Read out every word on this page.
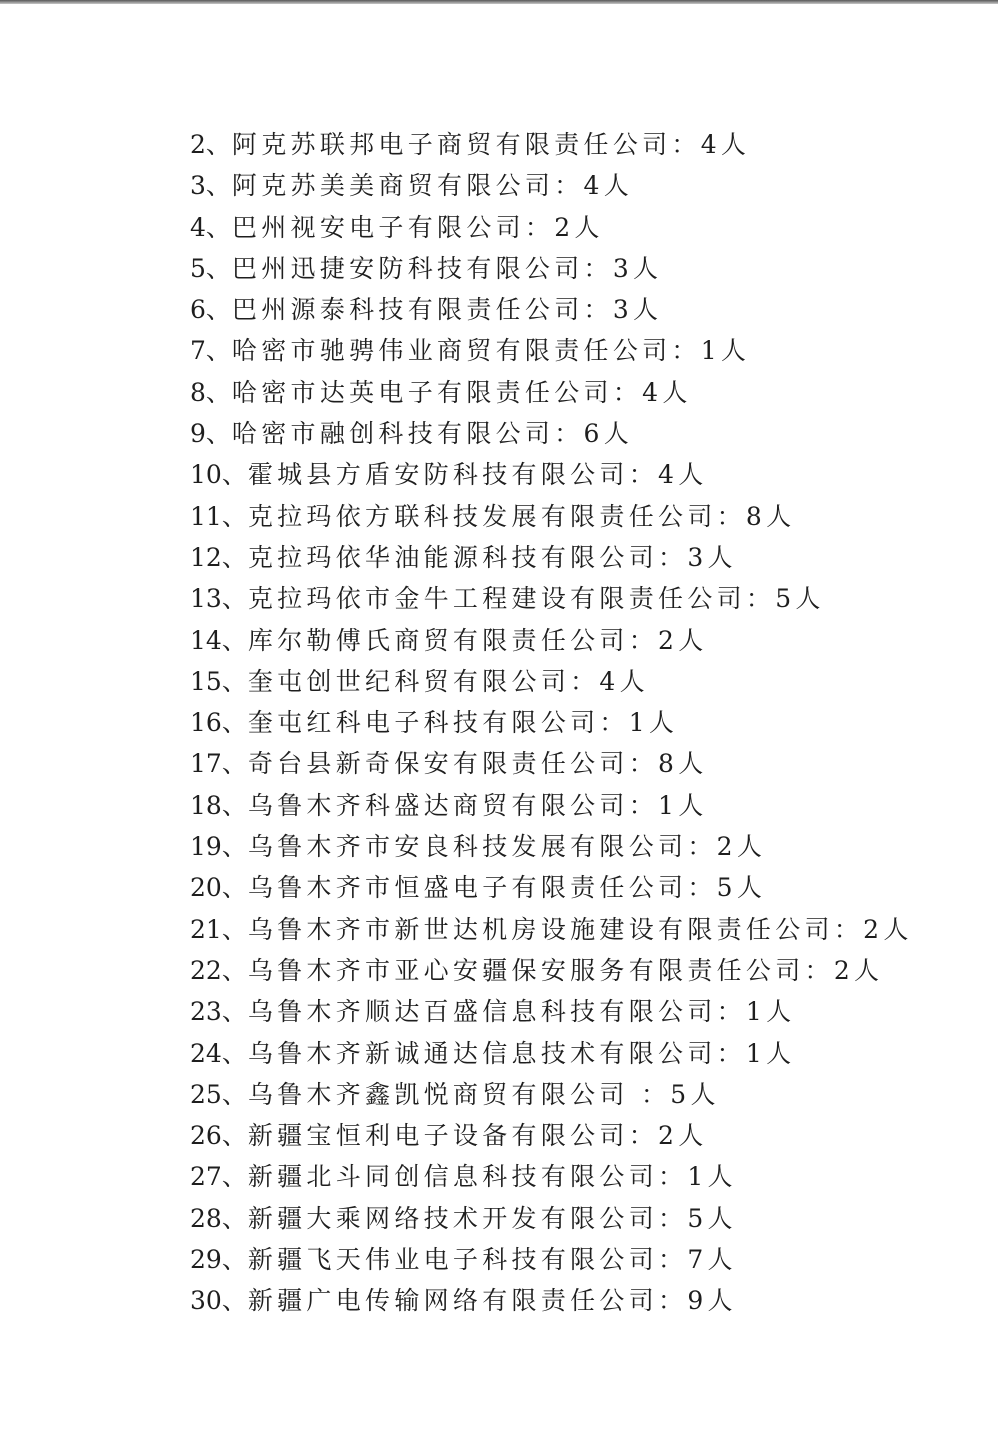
2、阿克苏联邦电子商贸有限责任公司：4人
3、阿克苏美美商贸有限公司：4人
4、巴州视安电子有限公司：2人
5、巴州迅捷安防科技有限公司：3人
6、巴州源泰科技有限责任公司：3人
7、哈密市驰骋伟业商贸有限责任公司：1人
8、哈密市达英电子有限责任公司：4人
9、哈密市融创科技有限公司：6人
10、霍城县方盾安防科技有限公司：4人
11、克拉玛依方联科技发展有限责任公司：8人
12、克拉玛依华油能源科技有限公司：3人
13、克拉玛依市金牛工程建设有限责任公司：5人
14、库尔勒傅氏商贸有限责任公司：2人
15、奎屯创世纪科贸有限公司：4人
16、奎屯红科电子科技有限公司：1人
17、奇台县新奇保安有限责任公司：8人
18、乌鲁木齐科盛达商贸有限公司：1人
19、乌鲁木齐市安良科技发展有限公司：2人
20、乌鲁木齐市恒盛电子有限责任公司：5人
21、乌鲁木齐市新世达机房设施建设有限责任公司：2人
22、乌鲁木齐市亚心安疆保安服务有限责任公司：2人
23、乌鲁木齐顺达百盛信息科技有限公司：1人
24、乌鲁木齐新诚通达信息技术有限公司：1人
25、乌鲁木齐鑫凯悦商贸有限公司 ：5人
26、新疆宝恒利电子设备有限公司：2人
27、新疆北斗同创信息科技有限公司：1人
28、新疆大乘网络技术开发有限公司：5人
29、新疆飞天伟业电子科技有限公司：7人
30、新疆广电传输网络有限责任公司：9人
